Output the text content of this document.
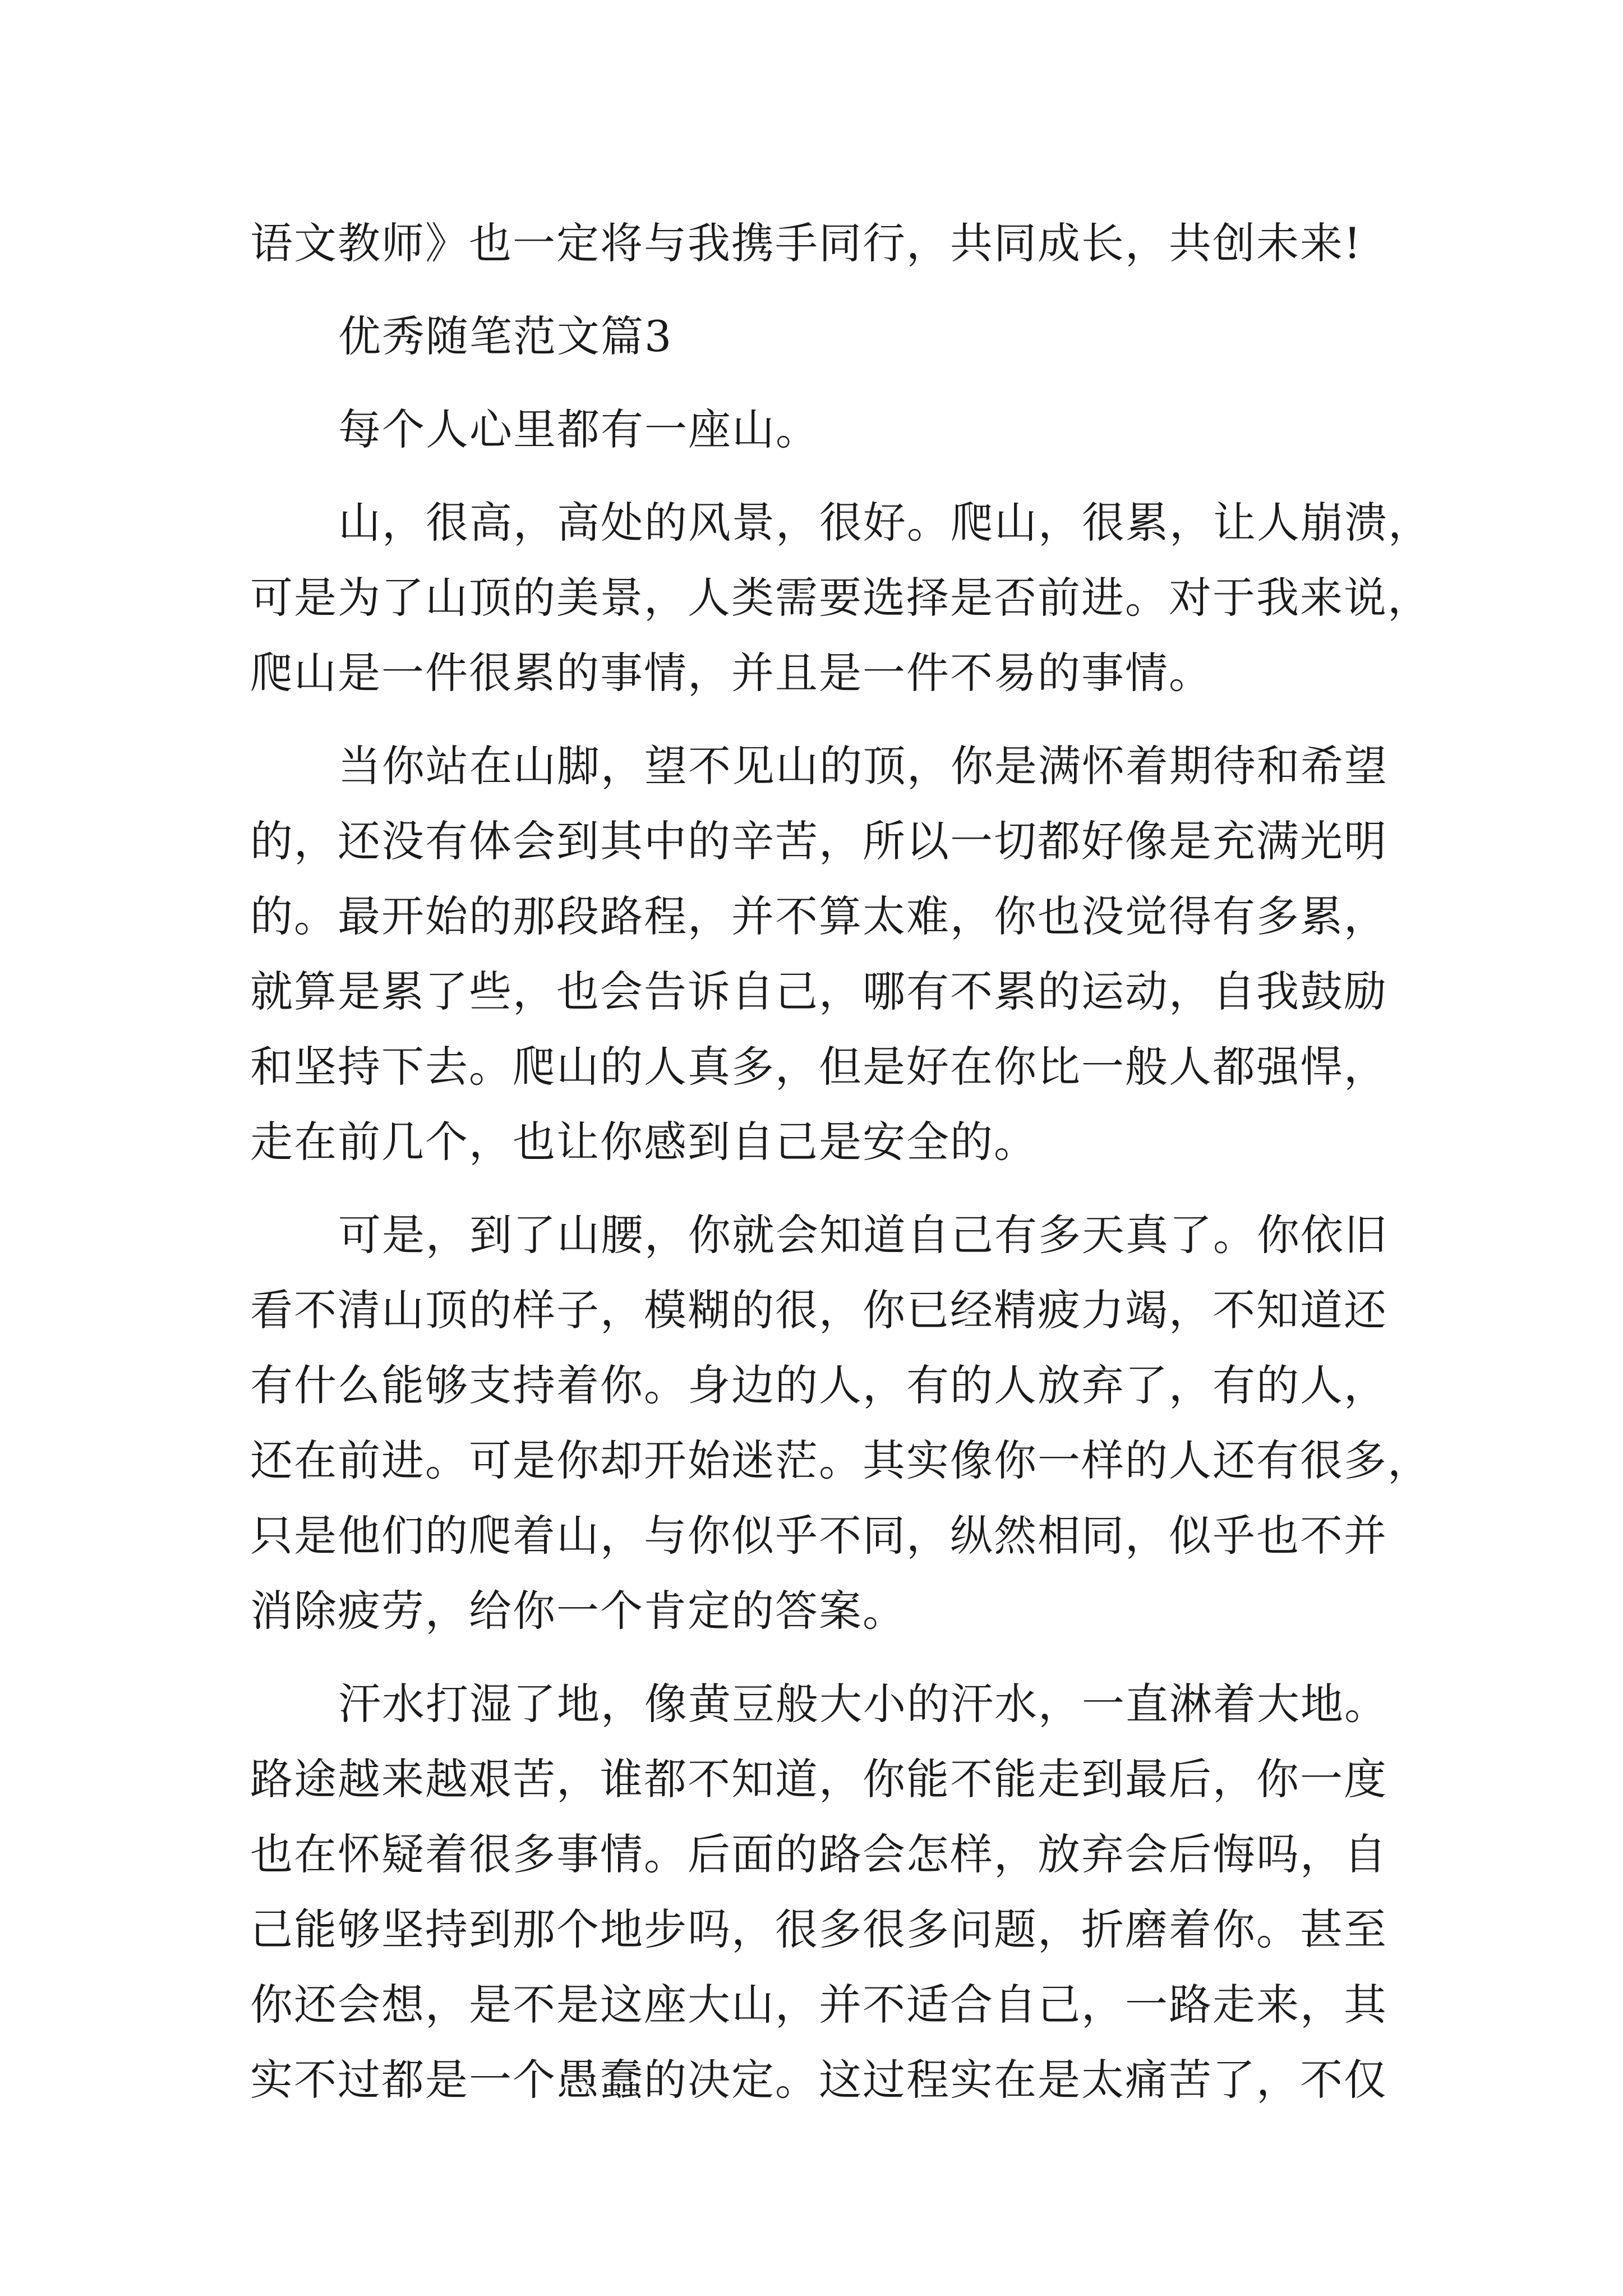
语文教师》也一定将与我携手同行，共同成长，共创未来!
优秀随笔范文篇3
每个人心里都有一座山。
山，很高，高处的风景，很好。爬山，很累，让人崩溃，
可是为了山顶的美景，人类需要选择是否前进。对于我来说，
爬山是一件很累的事情，并且是一件不易的事情。
当你站在山脚，望不见山的顶，你是满怀着期待和希望
的，还没有体会到其中的辛苦，所以一切都好像是充满光明
的。最开始的那段路程，并不算太难，你也没觉得有多累，
就算是累了些，也会告诉自己，哪有不累的运动，自我鼓励
和坚持下去。爬山的人真多，但是好在你比一般人都强悍，
走在前几个，也让你感到自己是安全的。
可是，到了山腰，你就会知道自己有多天真了。你依旧
看不清山顶的样子，模糊的很，你已经精疲力竭，不知道还
有什么能够支持着你。身边的人，有的人放弃了，有的人，
还在前进。可是你却开始迷茫。其实像你一样的人还有很多，
只是他们的爬着山，与你似乎不同，纵然相同，似乎也不并
消除疲劳，给你一个肯定的答案。
汗水打湿了地，像黄豆般大小的汗水，一直淋着大地。
路途越来越艰苦，谁都不知道，你能不能走到最后，你一度
也在怀疑着很多事情。后面的路会怎样，放弃会后悔吗，自
己能够坚持到那个地步吗，很多很多问题，折磨着你。甚至
你还会想，是不是这座大山，并不适合自己，一路走来，其
实不过都是一个愚蠢的决定。这过程实在是太痛苦了，不仅
